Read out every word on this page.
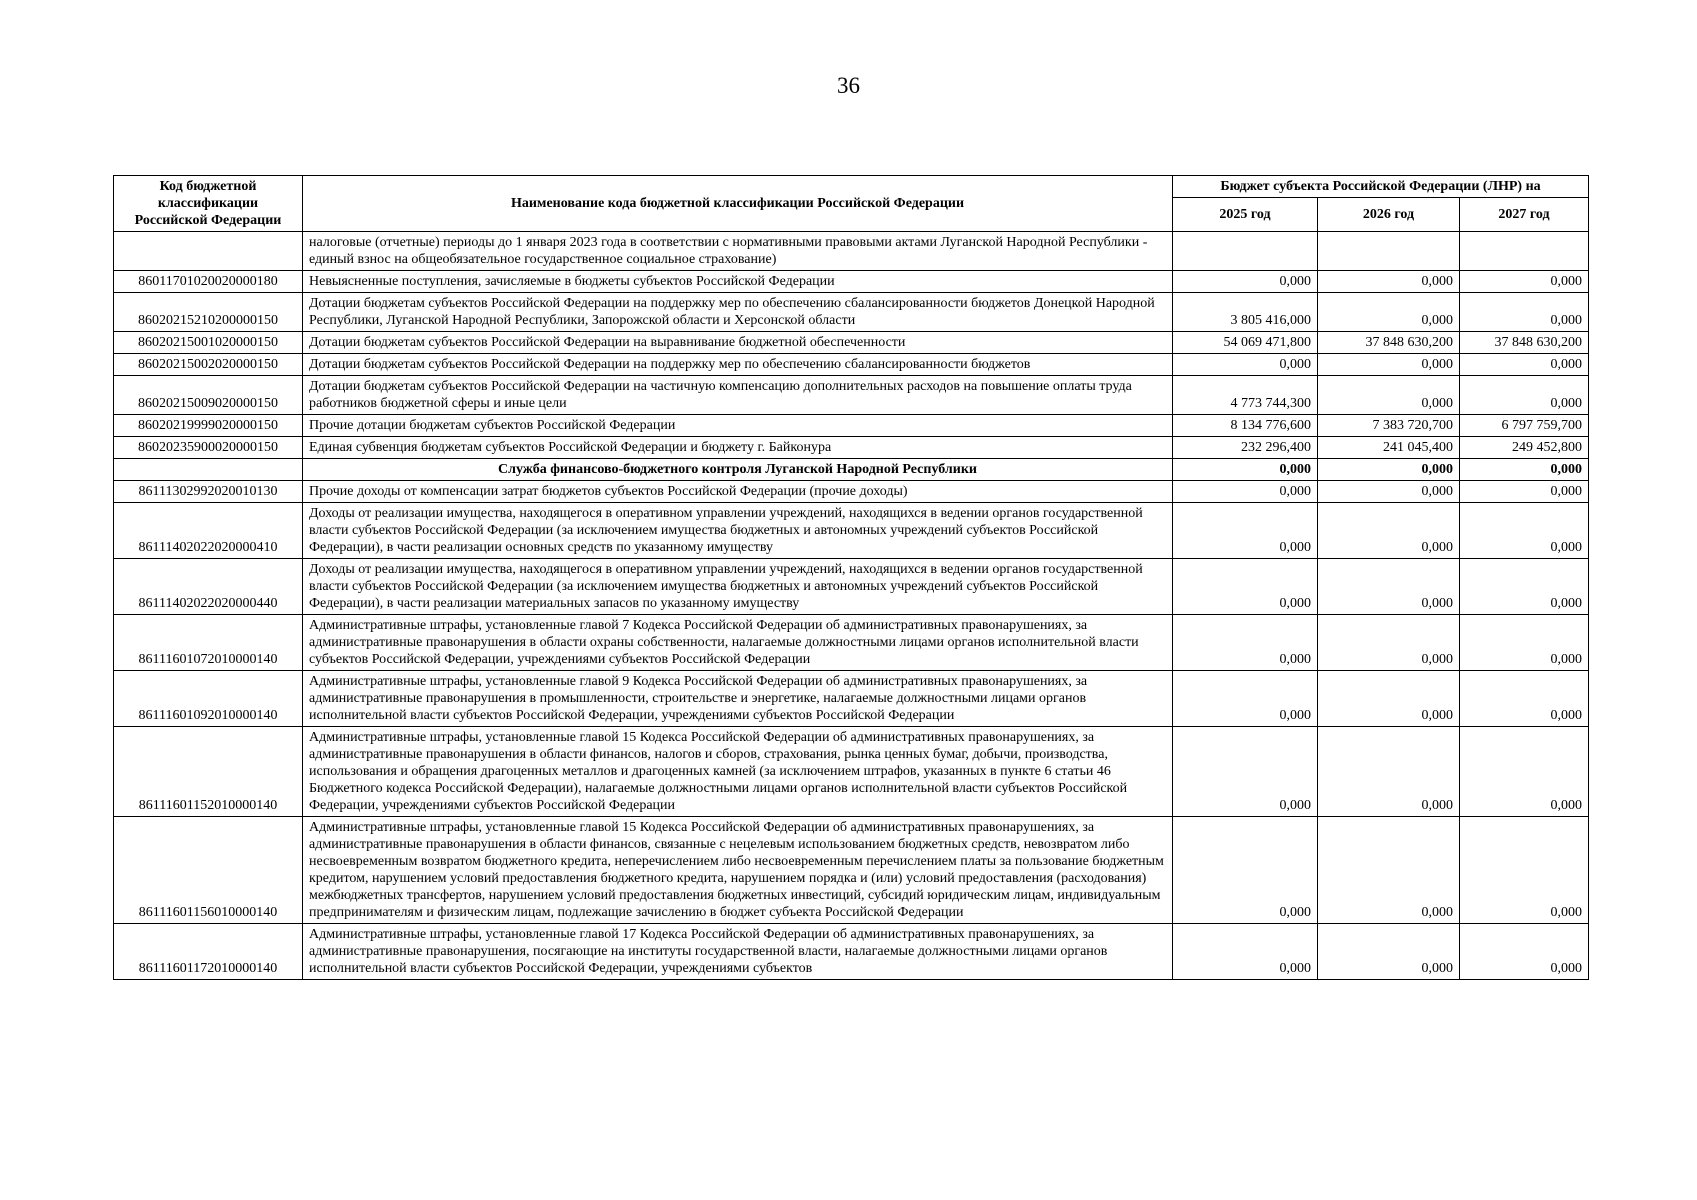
36
Код бюджетной классификации Российской Федерации	Наименование кода бюджетной классификации Российской Федерации	Бюджет субъекта Российской Федерации (ЛНР) на		
		2025 год	2026 год	2027 год
	налоговые (отчетные) периоды до 1 января 2023 года в соответствии с нормативными правовыми актами Луганской Народной Республики - единый взнос на общеобязательное государственное социальное страхование)			
86011701020020000180	Невыясненные поступления, зачисляемые в бюджеты субъектов Российской Федерации	0,000	0,000	0,000
86020215210200000150	Дотации бюджетам субъектов Российской Федерации на поддержку мер по обеспечению сбалансированности бюджетов Донецкой Народной Республики, Луганской Народной Республики, Запорожской области и Херсонской области	3 805 416,000	0,000	0,000
86020215001020000150	Дотации бюджетам субъектов Российской Федерации на выравнивание бюджетной обеспеченности	54 069 471,800	37 848 630,200	37 848 630,200
86020215002020000150	Дотации бюджетам субъектов Российской Федерации на поддержку мер по обеспечению сбалансированности бюджетов	0,000	0,000	0,000
86020215009020000150	Дотации бюджетам субъектов Российской Федерации на частичную компенсацию дополнительных расходов на повышение оплаты труда работников бюджетной сферы и иные цели	4 773 744,300	0,000	0,000
86020219999020000150	Прочие дотации бюджетам субъектов Российской Федерации	8 134 776,600	7 383 720,700	6 797 759,700
86020235900020000150	Единая субвенция бюджетам субъектов Российской Федерации и бюджету г. Байконура	232 296,400	241 045,400	249 452,800
	Служба финансово-бюджетного контроля Луганской Народной Республики	0,000	0,000	0,000
86111302992020010130	Прочие доходы от компенсации затрат бюджетов субъектов Российской Федерации (прочие доходы)	0,000	0,000	0,000
86111402022020000410	Доходы от реализации имущества, находящегося в оперативном управлении учреждений, находящихся в ведении органов государственной власти субъектов Российской Федерации (за исключением имущества бюджетных и автономных учреждений субъектов Российской Федерации), в части реализации основных средств по указанному имуществу	0,000	0,000	0,000
86111402022020000440	Доходы от реализации имущества, находящегося в оперативном управлении учреждений, находящихся в ведении органов государственной власти субъектов Российской Федерации (за исключением имущества бюджетных и автономных учреждений субъектов Российской Федерации), в части реализации материальных запасов по указанному имуществу	0,000	0,000	0,000
86111601072010000140	Административные штрафы, установленные главой 7 Кодекса Российской Федерации об административных правонарушениях, за административные правонарушения в области охраны собственности, налагаемые должностными лицами органов исполнительной власти субъектов Российской Федерации, учреждениями субъектов Российской Федерации	0,000	0,000	0,000
86111601092010000140	Административные штрафы, установленные главой 9 Кодекса Российской Федерации об административных правонарушениях, за административные правонарушения в промышленности, строительстве и энергетике, налагаемые должностными лицами органов исполнительной власти субъектов Российской Федерации, учреждениями субъектов Российской Федерации	0,000	0,000	0,000
86111601152010000140	Административные штрафы, установленные главой 15 Кодекса Российской Федерации об административных правонарушениях, за административные правонарушения в области финансов, налогов и сборов, страхования, рынка ценных бумаг, добычи, производства, использования и обращения драгоценных металлов и драгоценных камней (за исключением штрафов, указанных в пункте 6 статьи 46 Бюджетного кодекса Российской Федерации), налагаемые должностными лицами органов исполнительной власти субъектов Российской Федерации, учреждениями субъектов Российской Федерации	0,000	0,000	0,000
86111601156010000140	Административные штрафы, установленные главой 15 Кодекса Российской Федерации об административных правонарушениях, за административные правонарушения в области финансов, связанные с нецелевым использованием бюджетных средств, невозвратом либо несвоевременным возвратом бюджетного кредита, неперечислением либо несвоевременным перечислением платы за пользование бюджетным кредитом, нарушением условий предоставления бюджетного кредита, нарушением порядка и (или) условий предоставления (расходования) межбюджетных трансфертов, нарушением условий предоставления бюджетных инвестиций, субсидий юридическим лицам, индивидуальным предпринимателям и физическим лицам, подлежащие зачислению в бюджет субъекта Российской Федерации	0,000	0,000	0,000
86111601172010000140	Административные штрафы, установленные главой 17 Кодекса Российской Федерации об административных правонарушениях, за административные правонарушения, посягающие на институты государственной власти, налагаемые должностными лицами органов исполнительной власти субъектов Российской Федерации, учреждениями субъектов	0,000	0,000	0,000
